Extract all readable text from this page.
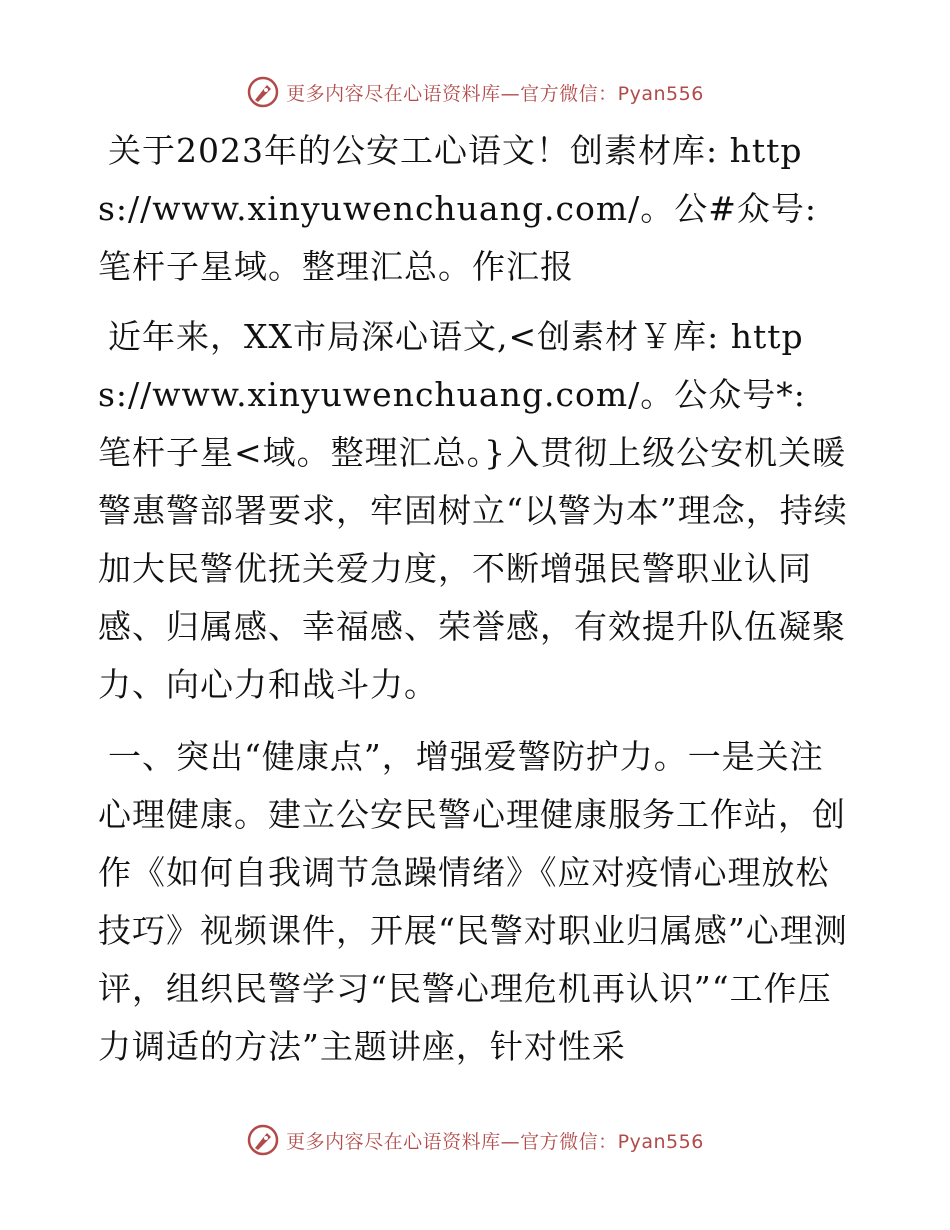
更多内容尽在心语资料库—官方微信：Pyan556

关于2023年的公安工心语文！创素材库: https://www.xinyuwenchuang.com/。公#众号: 笔杆子星域。整理汇总。作汇报

近年来，XX市局深心语文,<创素材￥库: https://www.xinyuwenchuang.com/。公众号*: 笔杆子星<域。整理汇总。}入贯彻上级公安机关暖警惠警部署要求，牢固树立“以警为本”理念，持续加大民警优抚关爱力度，不断增强民警职业认同感、归属感、幸福感、荣誉感，有效提升队伍凝聚力、向心力和战斗力。

一、突出“健康点”，增强爱警防护力。一是关注心理健康。建立公安民警心理健康服务工作站，创作《如何自我调节急躁情绪》《应对疫情心理放松技巧》视频课件，开展“民警对职业归属感”心理测评，组织民警学习“民警心理危机再认识”“工作压力调适的方法”主题讲座，针对性采

更多内容尽在心语资料库—官方微信：Pyan556
